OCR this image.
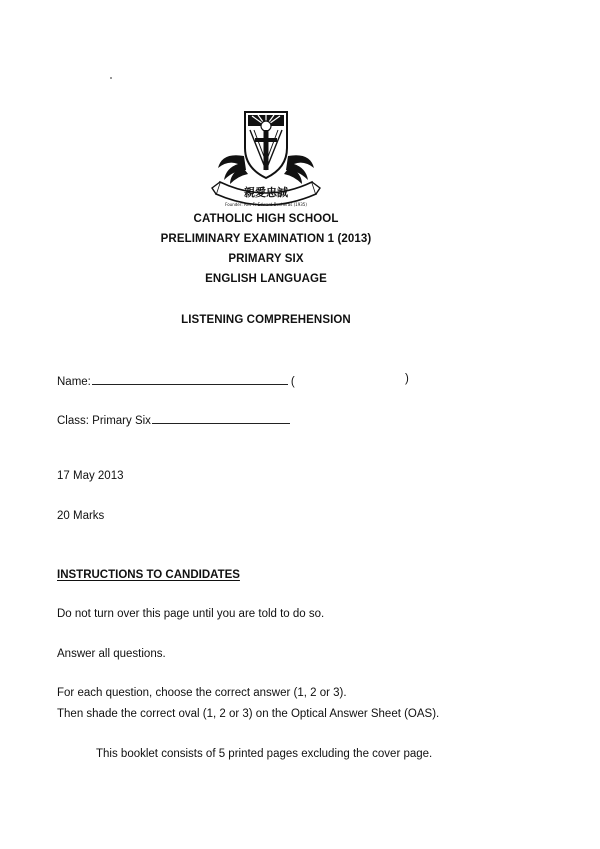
親愛忠誠
Founder: Rev Fr Edward Becheras (1935)
CATHOLIC HIGH SCHOOL
PRELIMINARY EXAMINATION 1 (2013)
PRIMARY SIX
ENGLISH LANGUAGE
LISTENING COMPREHENSION
Name:	(	)
Class: Primary Six
17 May 2013
20 Marks
INSTRUCTIONS TO CANDIDATES
Do not turn over this page until you are told to do so.
Answer all questions.
For each question, choose the correct answer (1, 2 or 3).
Then shade the correct oval (1, 2 or 3) on the Optical Answer Sheet (OAS).
This booklet consists of 5 printed pages excluding the cover page.
